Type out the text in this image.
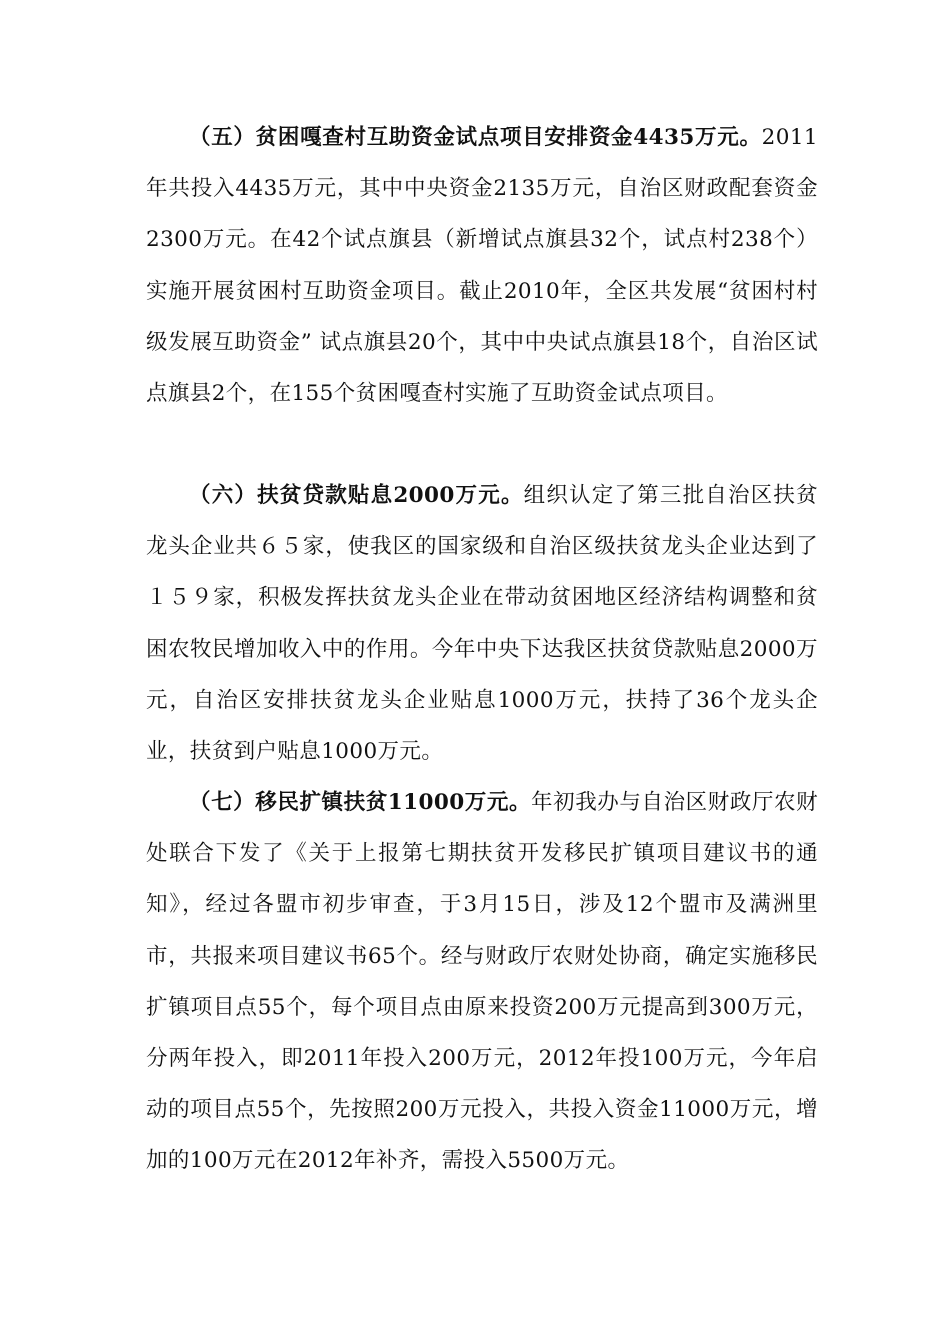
（五）贫困嘎查村互助资金试点项目安排资金4435万元。2011年共投入4435万元，其中中央资金2135万元，自治区财政配套资金2300万元。在42个试点旗县（新增试点旗县32个，试点村238个）实施开展贫困村互助资金项目。截止2010年，全区共发展“贫困村村级发展互助资金” 试点旗县20个，其中中央试点旗县18个，自治区试点旗县2个，在155个贫困嘎查村实施了互助资金试点项目。

（六）扶贫贷款贴息2000万元。组织认定了第三批自治区扶贫龙头企业共６５家，使我区的国家级和自治区级扶贫龙头企业达到了１５９家，积极发挥扶贫龙头企业在带动贫困地区经济结构调整和贫困农牧民增加收入中的作用。今年中央下达我区扶贫贷款贴息2000万元，自治区安排扶贫龙头企业贴息1000万元，扶持了36个龙头企业，扶贫到户贴息1000万元。

（七）移民扩镇扶贫11000万元。年初我办与自治区财政厅农财处联合下发了《关于上报第七期扶贫开发移民扩镇项目建议书的通知》，经过各盟市初步审查，于3月15日，涉及12个盟市及满洲里市，共报来项目建议书65个。经与财政厅农财处协商，确定实施移民扩镇项目点55个，每个项目点由原来投资200万元提高到300万元，分两年投入，即2011年投入200万元，2012年投100万元，今年启动的项目点55个，先按照200万元投入，共投入资金11000万元，增加的100万元在2012年补齐，需投入5500万元。
